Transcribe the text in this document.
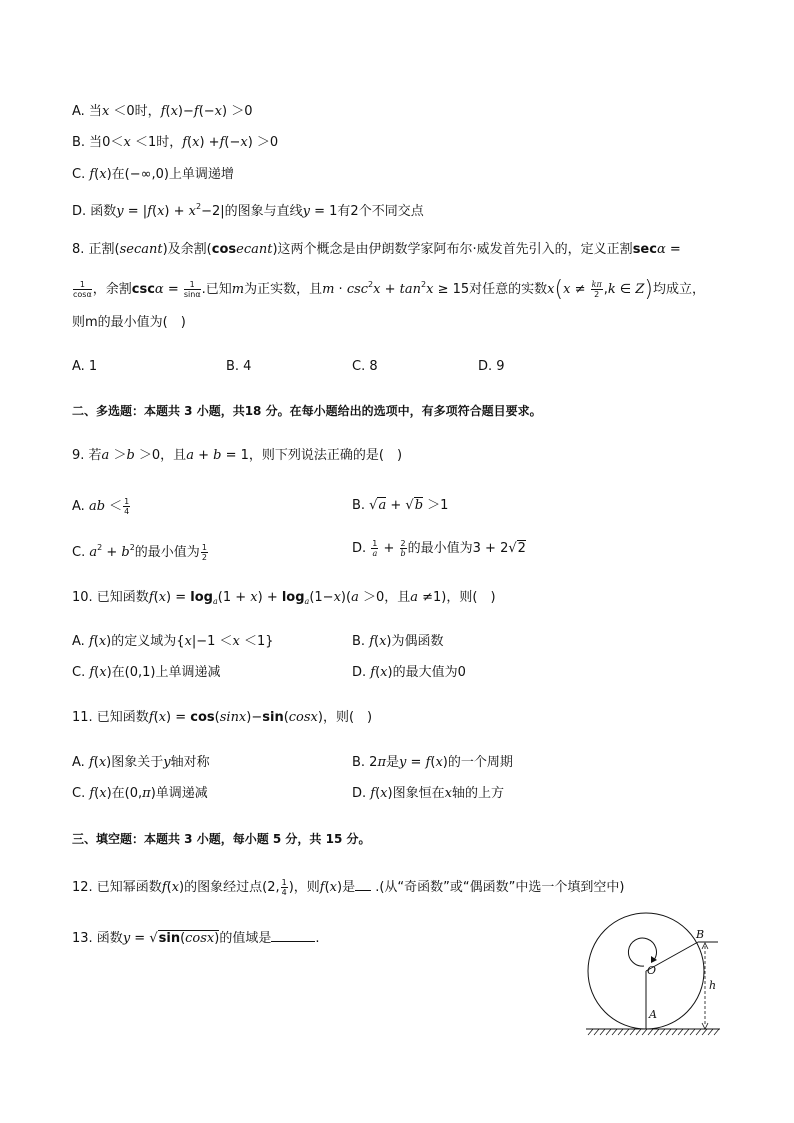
A. 当x ＜0时，f(x)−f(−x) ＞0
B. 当0＜x ＜1时，f(x) +f(−x) ＞0
C. f(x)在(−∞,0)上单调递增
D. 函数$y = |f(x) + x^2-2|$的图象与直线y = 1有2个不同交点
8. 正割(secant)及余割(cosecant)这两个概念是由伊朗数学家阿布尔·威发首先引入的，定义正割secα =
$\frac{1}{\cos\alpha}$ ，余割$\csc\alpha = \frac{1}{\sin\alpha}$ .已知m为正实数，且$m \cdot \csc^2x + \tan^2x \ge 15$对任意的实数$x(x \ne \frac{k\pi}{2} ,k$ ∈ Z)均成立，
则m的最小值为(　)
A. 1	B. 4	C. 8	D. 9
二、多选题：本题共 3 小题，共18 分。在每小题给出的选项中，有多项符合题目要求。
9. 若a ＞b ＞0，且a + b = 1，则下列说法正确的是(　)
A. ab ＜ $\frac{1}{4}$	B. √a + √b ＞1
C. $a^2 + b^2$的最小值为 $\frac{1}{2}$	D. $\frac{1}{a} + \frac{2}{b}$ 的最小值为3 + 2√2
10. 已知函数$f(x) = \log_a(1 + x) + \log_a(1-x)(a >0$，且a ≠1)，则(　)
A. f(x)的定义域为{x|−1 ＜x ＜1}	B. f(x)为偶函数
C. f(x)在(0,1)上单调递减	D. f(x)的最大值为0
11. 已知函数f(x) = cos(sinx)−sin(cosx)，则(　)
A. f(x)图象关于y轴对称	B. 2π是y = f(x)的一个周期
C. f(x)在(0,π)单调递减	D. f(x)图象恒在x轴的上方
三、填空题：本题共 3 小题，每小题 5 分，共 15 分。
12. 已知幂函数f(x)的图象经过点(2, $\frac{1}{4}$ )，则f(x)是 .(从“奇函数”或“偶函数”中选一个填到空中)
13. 函数y = √sin(cosx)的值域是	.	B
O
A
h
